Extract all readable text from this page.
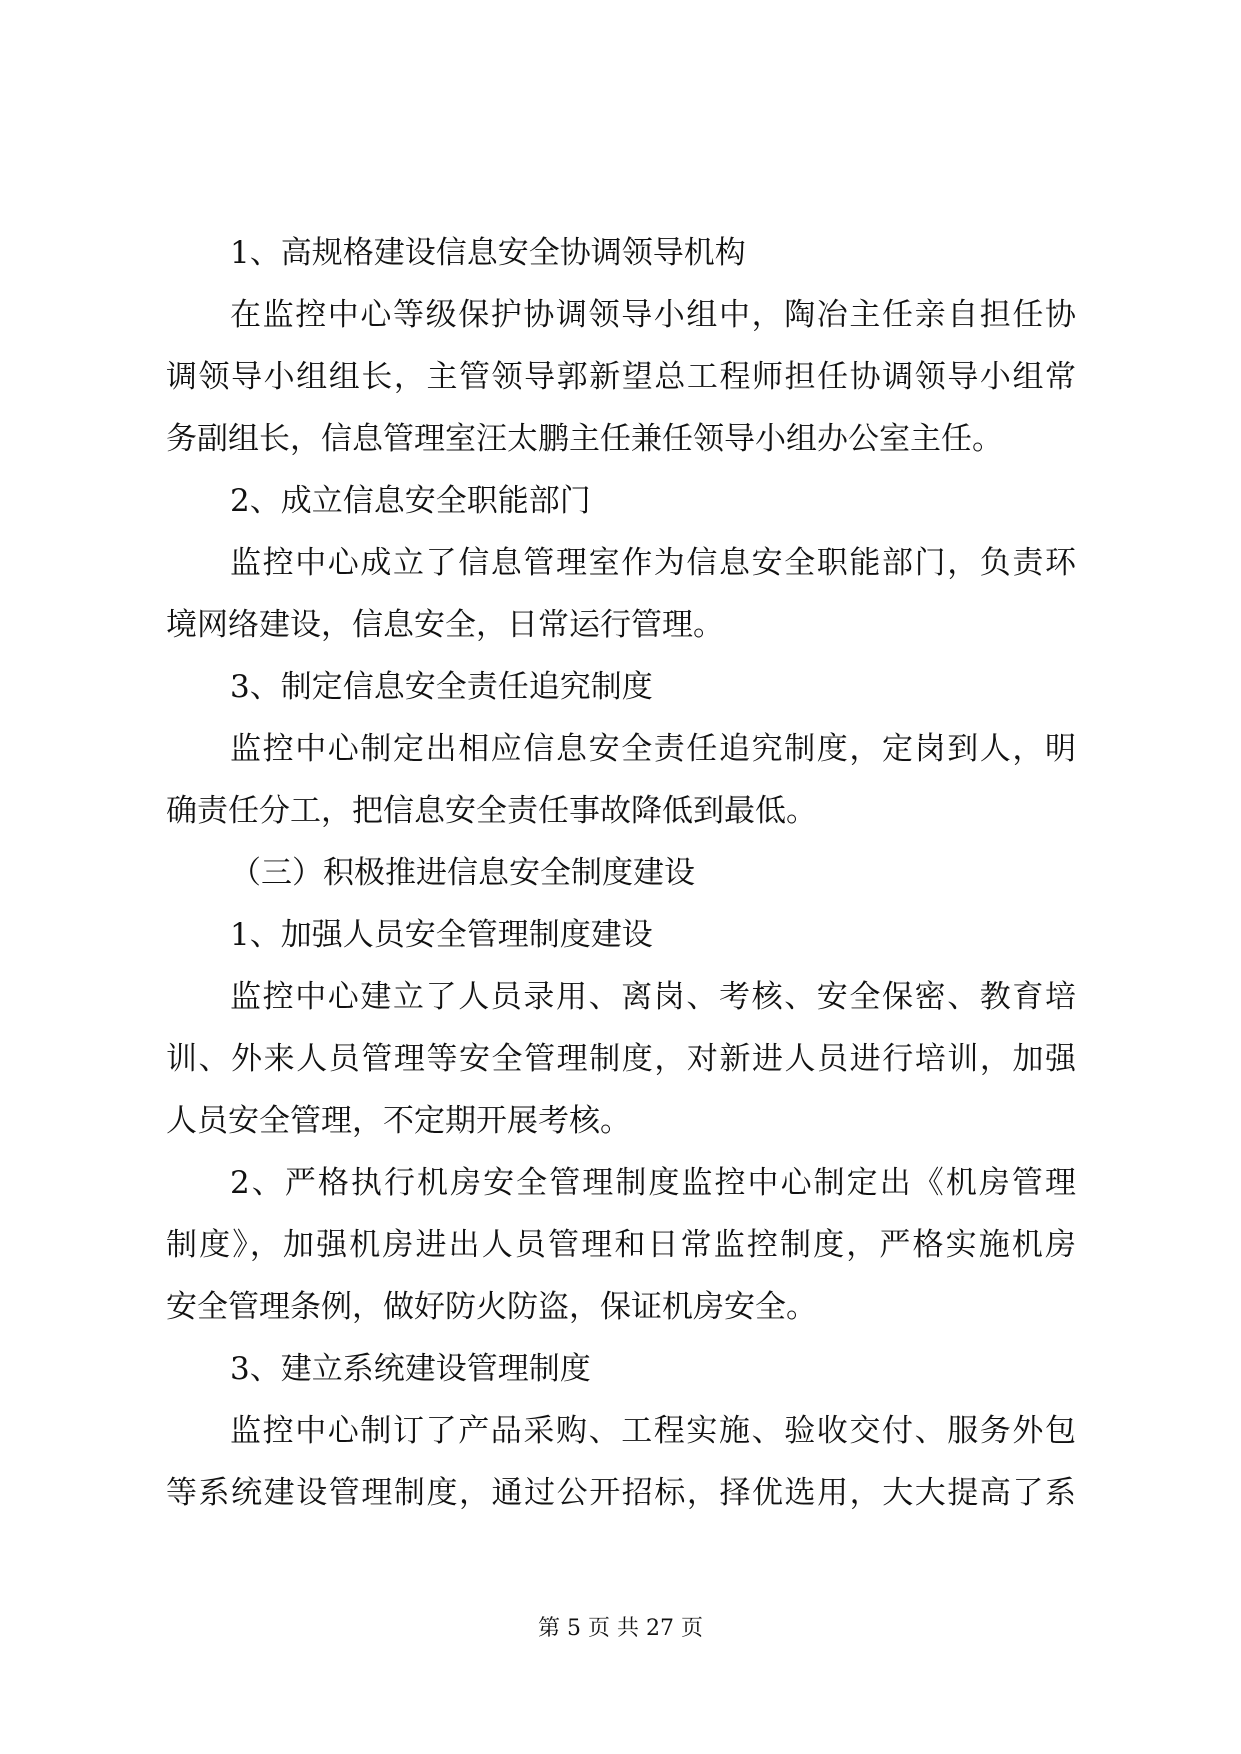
1、高规格建设信息安全协调领导机构
在监控中心等级保护协调领导小组中，陶冶主任亲自担任协
调领导小组组长，主管领导郭新望总工程师担任协调领导小组常
务副组长，信息管理室汪太鹏主任兼任领导小组办公室主任。
2、成立信息安全职能部门
监控中心成立了信息管理室作为信息安全职能部门，负责环
境网络建设，信息安全，日常运行管理。
3、制定信息安全责任追究制度
监控中心制定出相应信息安全责任追究制度，定岗到人，明
确责任分工，把信息安全责任事故降低到最低。
（三）积极推进信息安全制度建设
1、加强人员安全管理制度建设
监控中心建立了人员录用、离岗、考核、安全保密、教育培
训、外来人员管理等安全管理制度，对新进人员进行培训，加强
人员安全管理，不定期开展考核。
2、严格执行机房安全管理制度监控中心制定出《机房管理
制度》，加强机房进出人员管理和日常监控制度，严格实施机房
安全管理条例，做好防火防盗，保证机房安全。
3、建立系统建设管理制度
监控中心制订了产品采购、工程实施、验收交付、服务外包
等系统建设管理制度，通过公开招标，择优选用，大大提高了系
第 5 页 共 27 页
